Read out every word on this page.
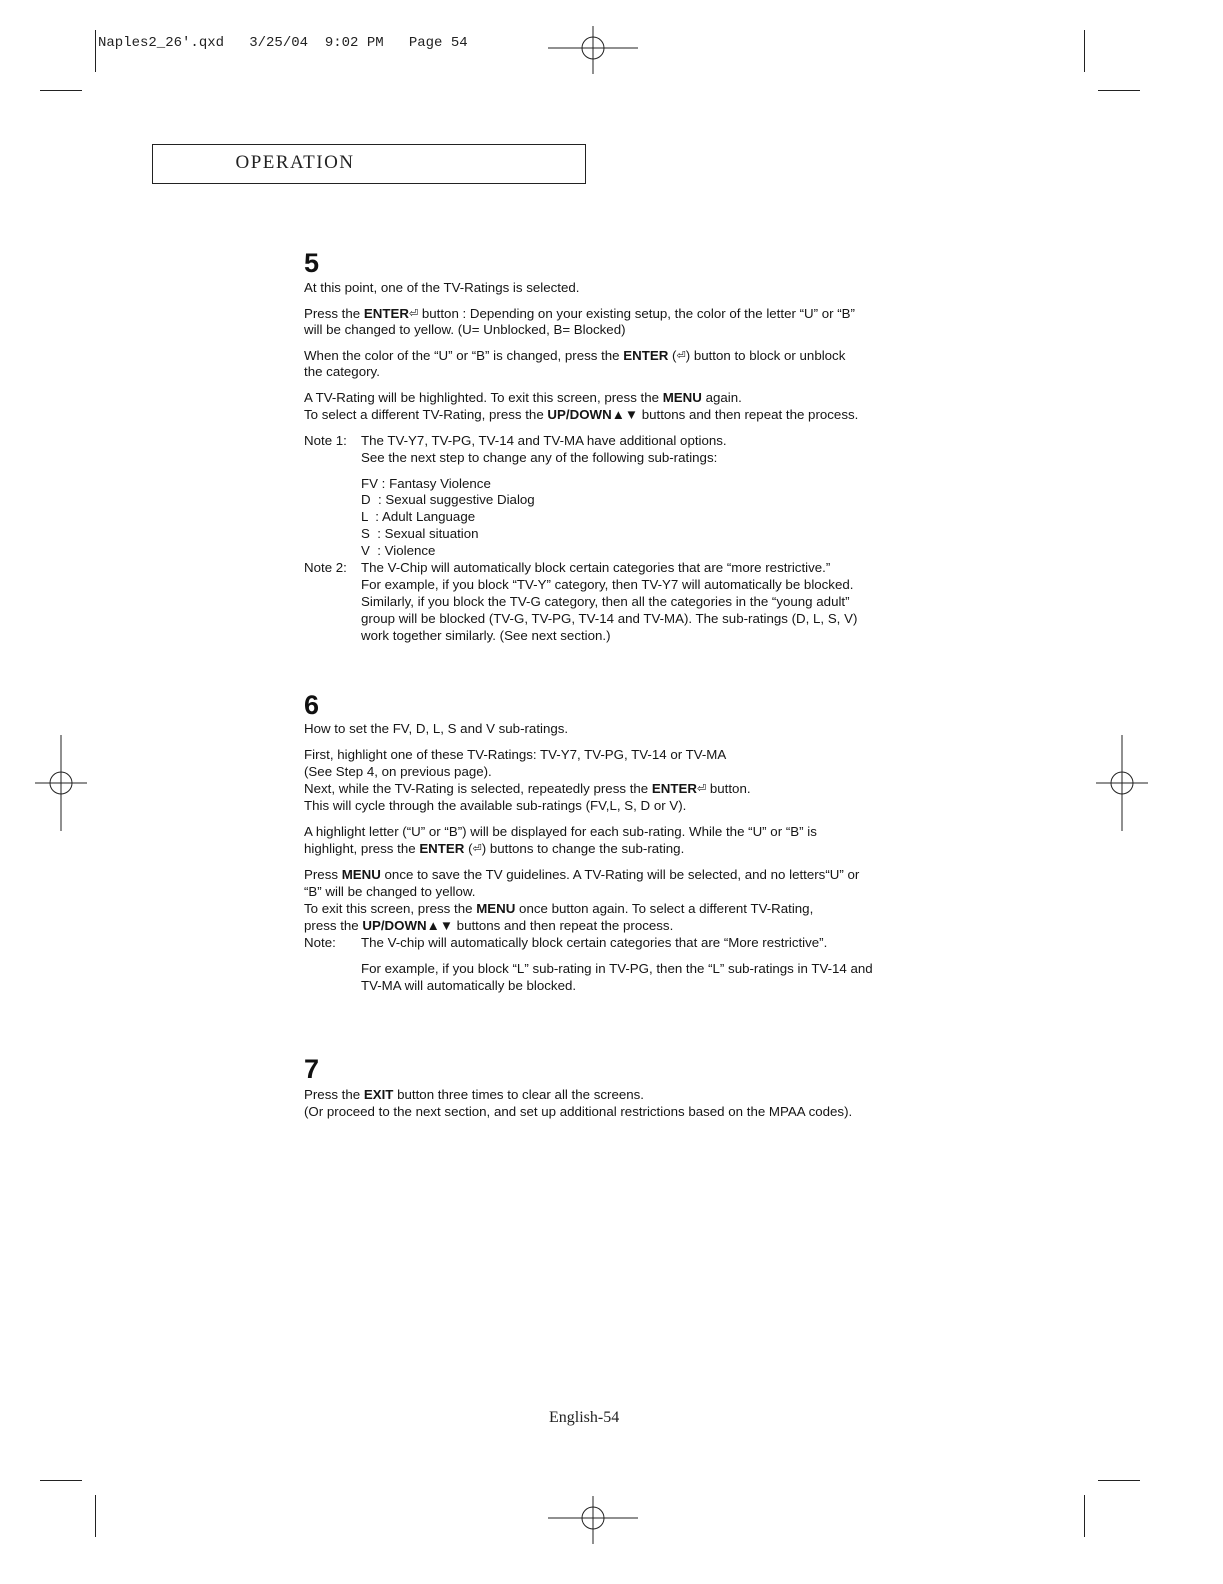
Naples2_26'.qxd   3/25/04  9:02 PM   Page 54
OPERATION
5
At this point, one of the TV-Ratings is selected.
Press the ENTER⏎ button : Depending on your existing setup, the color of the letter “U” or “B”
will be changed to yellow. (U= Unblocked, B= Blocked)
When the color of the “U” or “B” is changed, press the ENTER (⏎) button to block or unblock
the category.
A TV-Rating will be highlighted. To exit this screen, press the MENU again.
To select a different TV-Rating, press the UP/DOWN▲▼ buttons and then repeat the process.
Note 1:	The TV-Y7, TV-PG, TV-14 and TV-MA have additional options.
See the next step to change any of the following sub-ratings:
FV : Fantasy Violence
D  : Sexual suggestive Dialog
L  : Adult Language
S  : Sexual situation
V  : Violence
Note 2:	The V-Chip will automatically block certain categories that are “more restrictive.”
For example, if you block “TV-Y” category, then TV-Y7 will automatically be blocked.
Similarly, if you block the TV-G category, then all the categories in the “young adult”
group will be blocked (TV-G, TV-PG, TV-14 and TV-MA). The sub-ratings (D, L, S, V)
work together similarly. (See next section.)
6
How to set the FV, D, L, S and V sub-ratings.
First, highlight one of these TV-Ratings: TV-Y7, TV-PG, TV-14 or TV-MA
(See Step 4, on previous page).
Next, while the TV-Rating is selected, repeatedly press the ENTER⏎ button.
This will cycle through the available sub-ratings (FV,L, S, D or V).
A highlight letter (“U” or “B”) will be displayed for each sub-rating. While the “U” or “B” is
highlight, press the ENTER (⏎) buttons to change the sub-rating.
Press MENU once to save the TV guidelines. A TV-Rating will be selected, and no letters“U” or
“B” will be changed to yellow.
To exit this screen, press the MENU once button again. To select a different TV-Rating,
press the UP/DOWN▲▼ buttons and then repeat the process.
Note:	The V-chip will automatically block certain categories that are “More restrictive”.
For example, if you block “L” sub-rating in TV-PG, then the “L” sub-ratings in TV-14 and
TV-MA will automatically be blocked.
7
Press the EXIT button three times to clear all the screens.
(Or proceed to the next section, and set up additional restrictions based on the MPAA codes).
English-54
